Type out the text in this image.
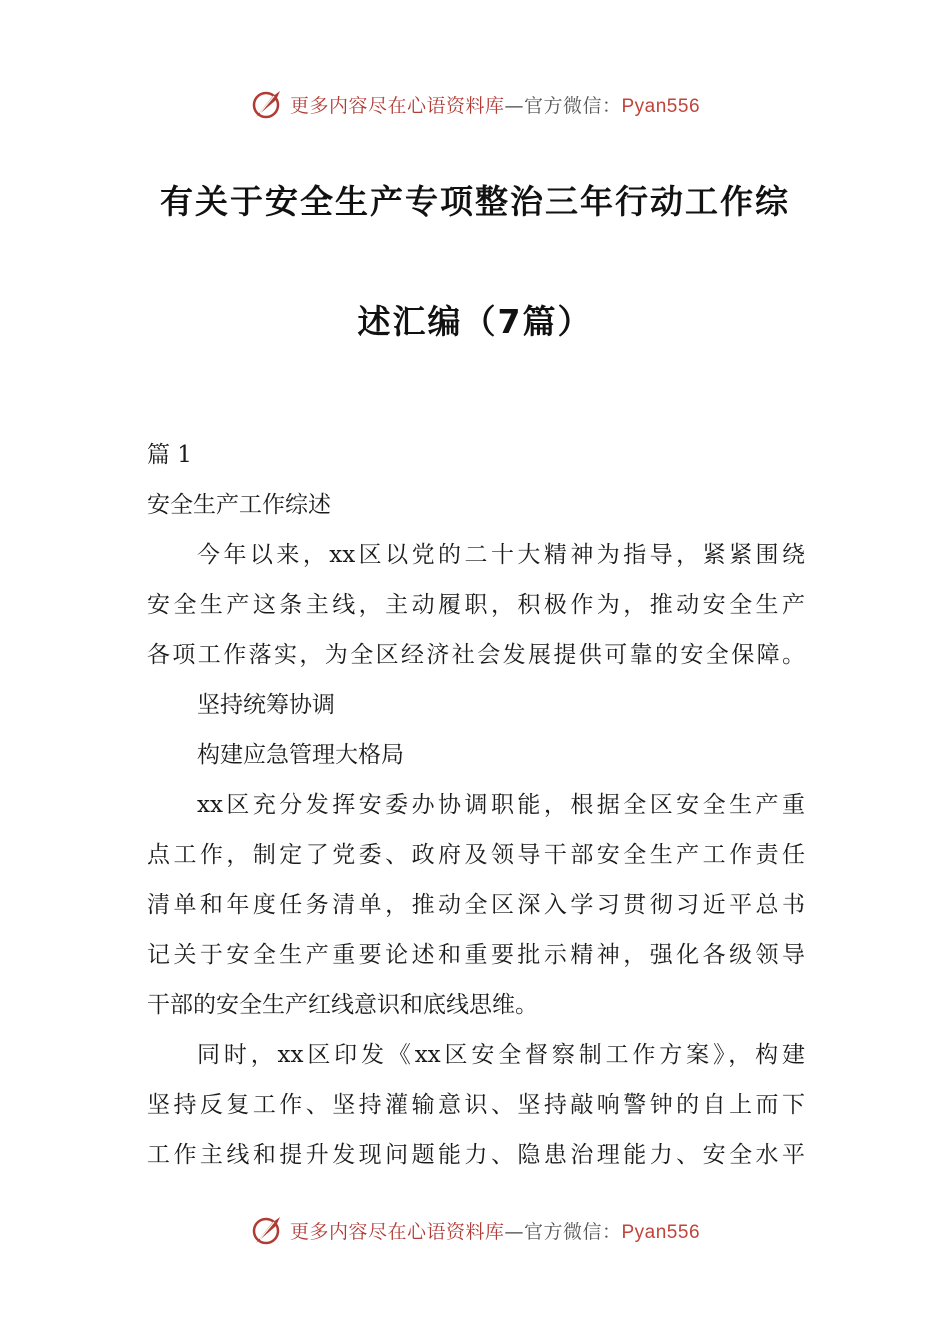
更多内容尽在心语资料库—官方微信：Pyan556
有关于安全生产专项整治三年行动工作综
述汇编（7篇）
篇 1
安全生产工作综述
今年以来，xx区以党的二十大精神为指导，紧紧围绕
安全生产这条主线，主动履职，积极作为，推动安全生产
各项工作落实，为全区经济社会发展提供可靠的安全保障。
坚持统筹协调
构建应急管理大格局
xx区充分发挥安委办协调职能，根据全区安全生产重
点工作，制定了党委、政府及领导干部安全生产工作责任
清单和年度任务清单，推动全区深入学习贯彻习近平总书
记关于安全生产重要论述和重要批示精神，强化各级领导
干部的安全生产红线意识和底线思维。
同时，xx区印发《xx区安全督察制工作方案》，构建
坚持反复工作、坚持灌输意识、坚持敲响警钟的自上而下
工作主线和提升发现问题能力、隐患治理能力、安全水平
更多内容尽在心语资料库—官方微信：Pyan556
